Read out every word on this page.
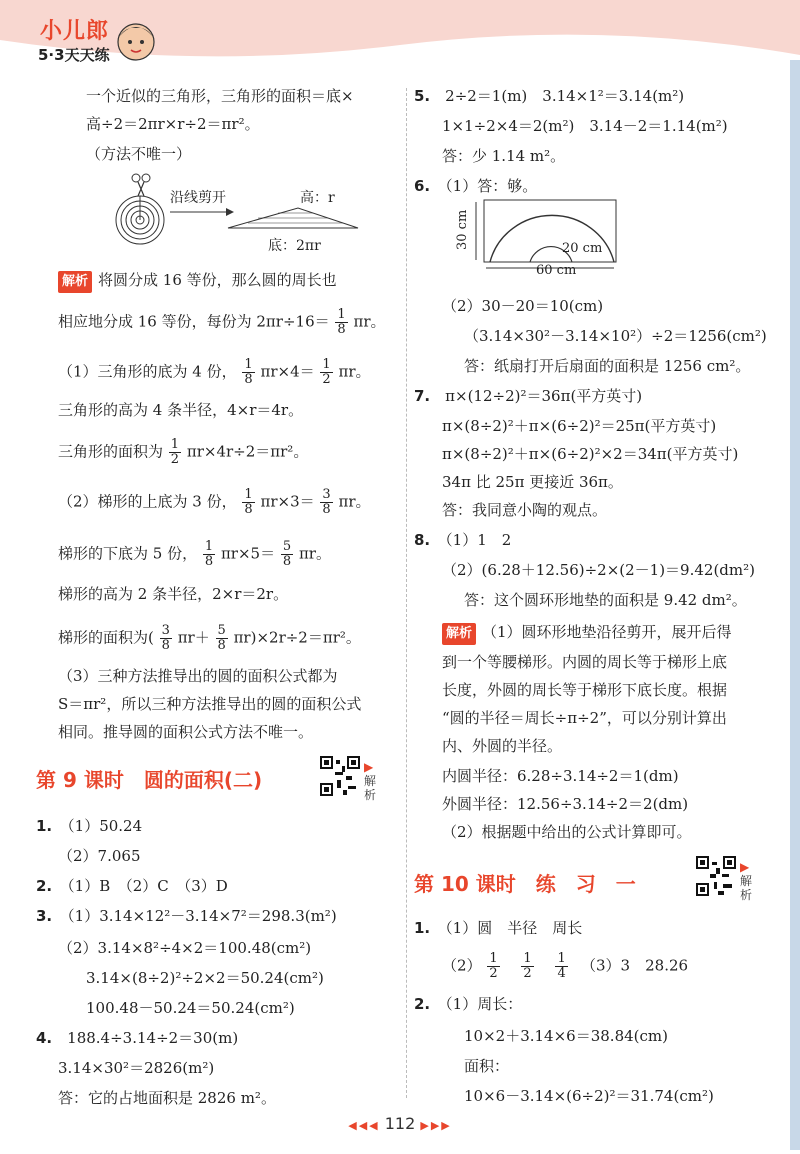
小儿郎
5·3天天练
一个近似的三角形，三角形的面积＝底×
高÷2＝2πr×r÷2＝πr²。
（方法不唯一）
沿线剪开	高：r
底：2πr
解析 将圆分成 16 等份，那么圆的周长也
相应地分成 16 等份，每份为 $2\pi r\div 16= \frac{1}{8}$ πr。
（1）三角形的底为 4 份， $\frac{1}{8} \pi r\times 4= \frac{1}{2}$ πr。
三角形的高为 4 条半径，4×r＝4r。
三角形的面积为 $\frac{1}{2} \pi r\times 4r\div 2=\pi r^2$。
（2）梯形的上底为 3 份， $\frac{1}{8} \pi r\times 3= \frac{3}{8}$ πr。
梯形的下底为 5 份， $\frac{1}{8} \pi r\times 5= \frac{5}{8}$ πr。
梯形的高为 2 条半径，2×r＝2r。
梯形的面积为( $\frac{3}{8} \pi r+ \frac{5}{8} \pi r)\times 2r\div 2=\pi r^2$。
（3）三种方法推导出的圆的面积公式都为
S＝πr²，所以三种方法推导出的圆的面积公式
相同。推导圆的面积公式方法不唯一。
第 9 课时　圆的面积(二)
▶
解析
1.　 （1）50.24
（2）7.065
2.　 （1）B　（2）C　（3）D
3.　 （1）3.14×12²－3.14×7²＝298.3(m²)
（2）3.14×8²÷4×2＝100.48(cm²)
3.14×(8÷2)²÷2×2＝50.24(cm²)
100.48－50.24＝50.24(cm²)
4.　 188.4÷3.14÷2＝30(m)
3.14×30²＝2826(m²)
答：它的占地面积是 2826 m²。
5.　 2÷2＝1(m)　3.14×1²＝3.14(m²)
1×1÷2×4＝2(m²)　3.14－2＝1.14(m²)
答：少 1.14 m²。
6.　 （1）答：够。
30 cm	20 cm
60 cm
（2）30－20＝10(cm)
（3.14×30²－3.14×10²）÷2＝1256(cm²)
答：纸扇打开后扇面的面积是 1256 cm²。
7.　 π×(12÷2)²＝36π(平方英寸)
π×(8÷2)²＋π×(6÷2)²＝25π(平方英寸)
π×(8÷2)²＋π×(6÷2)²×2＝34π(平方英寸)
34π 比 25π 更接近 36π。
答：我同意小陶的观点。
8.　 （1）1　2
（2）(6.28＋12.56)÷2×(2－1)＝9.42(dm²)
答：这个圆环形地垫的面积是 9.42 dm²。
解析 （1）圆环形地垫沿径剪开，展开后得
到一个等腰梯形。内圆的周长等于梯形上底
长度，外圆的周长等于梯形下底长度。根据
“圆的半径＝周长÷π÷2”，可以分别计算出
内、外圆的半径。
内圆半径：6.28÷3.14÷2＝1(dm)
外圆半径：12.56÷3.14÷2＝2(dm)
（2）根据题中给出的公式计算即可。
第 10 课时　练　习　一
▶
解析
1.　 （1）圆　半径　周长
$(2) \frac{1}{2}$
　 $\frac{1}{2}$
　 $\frac{1}{4}$
　 （3）3　28.26
2.　 （1）周长：
10×2＋3.14×6＝38.84(cm)
面积：
10×6－3.14×(6÷2)²＝31.74(cm²)
◀◀◀ 112 ▶▶▶
